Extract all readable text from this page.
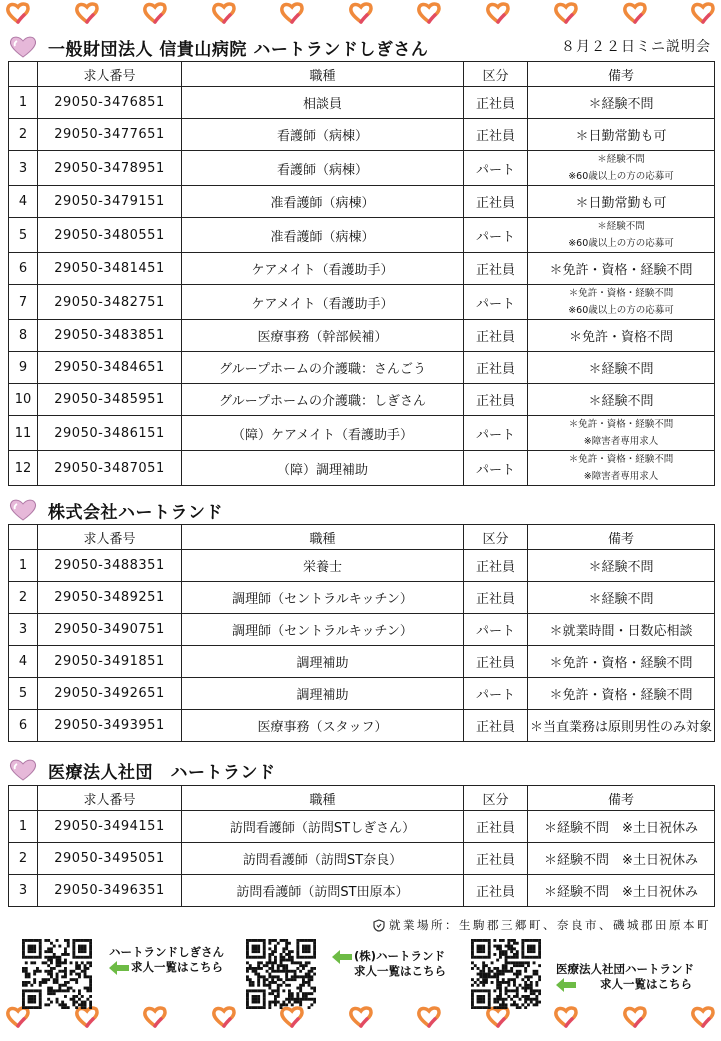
一般財団法人 信貴山病院 ハートランドしぎさん	８月２２日ミニ説明会
	求人番号	職種	区分	備考
1	29050-3476851	相談員	正社員	＊経験不問
2	29050-3477651	看護師（病棟）	正社員	＊日勤常勤も可
3	29050-3478951	看護師（病棟）	パート	＊経験不問
※60歳以上の方の応募可

4	29050-3479151	准看護師（病棟）	正社員	＊日勤常勤も可
5	29050-3480551	准看護師（病棟）	パート	＊経験不問
※60歳以上の方の応募可

6	29050-3481451	ケアメイト（看護助手）	正社員	＊免許・資格・経験不問
7	29050-3482751	ケアメイト（看護助手）	パート	＊免許・資格・経験不問
※60歳以上の方の応募可

8	29050-3483851	医療事務（幹部候補）	正社員	＊免許・資格不問
9	29050-3484651	グループホームの介護職：さんごう	正社員	＊経験不問
10	29050-3485951	グループホームの介護職：しぎさん	正社員	＊経験不問
11	29050-3486151	（障）ケアメイト（看護助手）	パート	＊免許・資格・経験不問
※障害者専用求人

12	29050-3487051	（障）調理補助	パート	＊免許・資格・経験不問
※障害者専用求人
株式会社ハートランド
	求人番号	職種	区分	備考
1	29050-3488351	栄養士	正社員	＊経験不問
2	29050-3489251	調理師（セントラルキッチン）	正社員	＊経験不問
3	29050-3490751	調理師（セントラルキッチン）	パート	＊就業時間・日数応相談
4	29050-3491851	調理補助	正社員	＊免許・資格・経験不問
5	29050-3492651	調理補助	パート	＊免許・資格・経験不問
6	29050-3493951	医療事務（スタッフ）	正社員	＊当直業務は原則男性のみ対象
医療法人社団　ハートランド
	求人番号	職種	区分	備考
1	29050-3494151	訪問看護師（訪問STしぎさん）	正社員	＊経験不問　※土日祝休み
2	29050-3495051	訪問看護師（訪問ST奈良）	正社員	＊経験不問　※土日祝休み
3	29050-3496351	訪問看護師（訪問ST田原本）	正社員	＊経験不問　※土日祝休み
就業場所：生駒郡三郷町、奈良市、磯城郡田原本町
ハートランドしぎさん
求人一覧はこちら
(株)ハートランド
求人一覧はこちら	医療法人社団ハートランド
求人一覧はこちら
